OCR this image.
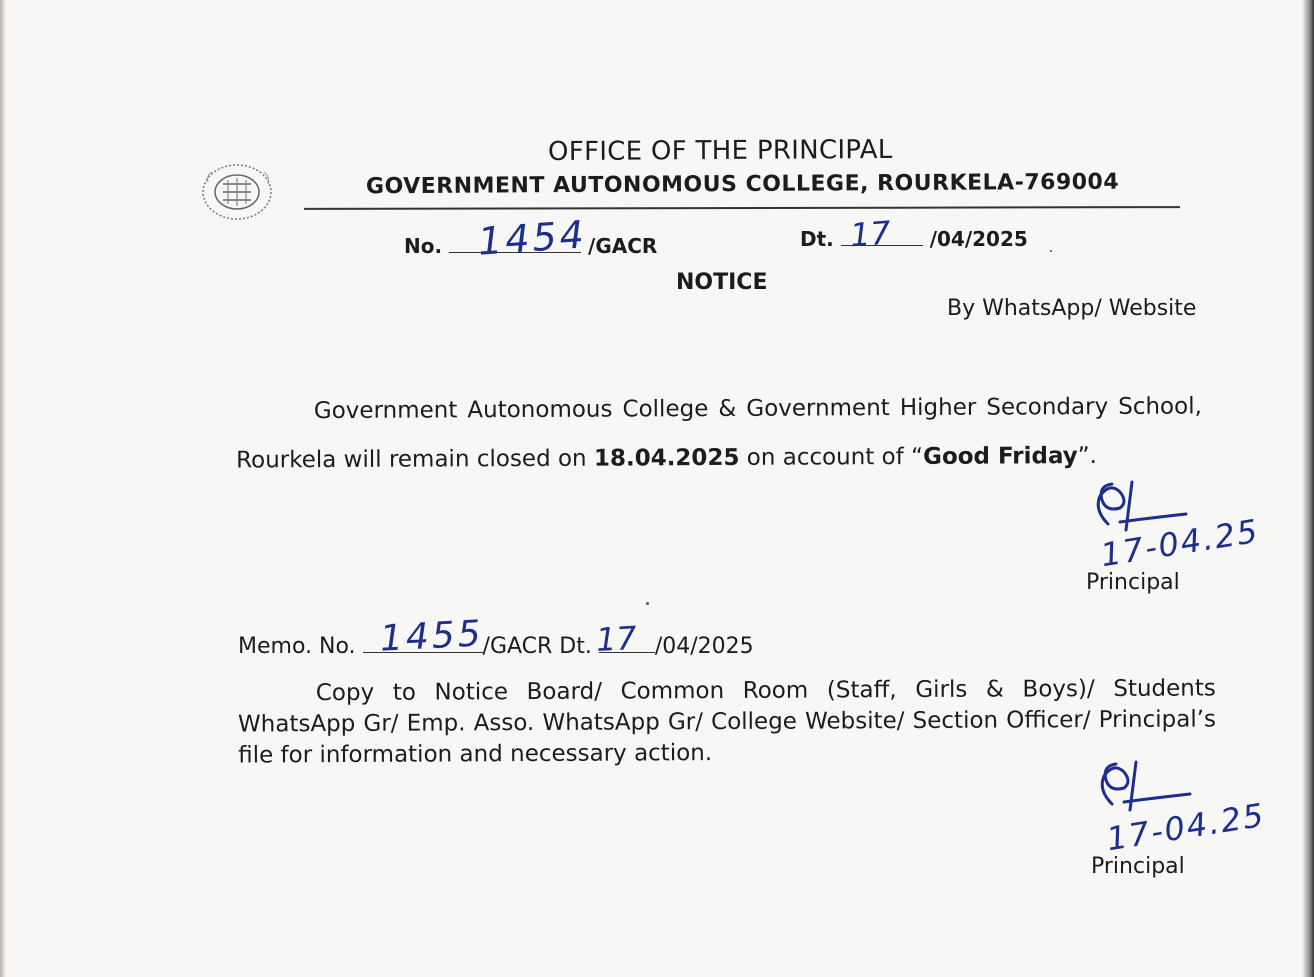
OFFICE OF THE PRINCIPAL
GOVERNMENT AUTONOMOUS COLLEGE, ROURKELA-769004
No.	/GACR
1454	Dt.	/04/2025
17
NOTICE
By WhatsApp/ Website
Government Autonomous College & Government Higher Secondary School, Rourkela will remain closed on 18.04.2025 on account of “Good Friday”.
17-04.25
Principal
Memo. No.	/GACR Dt.	/04/2025
1455	17
Copy to Notice Board/ Common Room (Staff, Girls & Boys)/ Students WhatsApp Gr/ Emp. Asso. WhatsApp Gr/ College Website/ Section Officer/ Principal’s file for information and necessary action.
17-04.25
Principal
